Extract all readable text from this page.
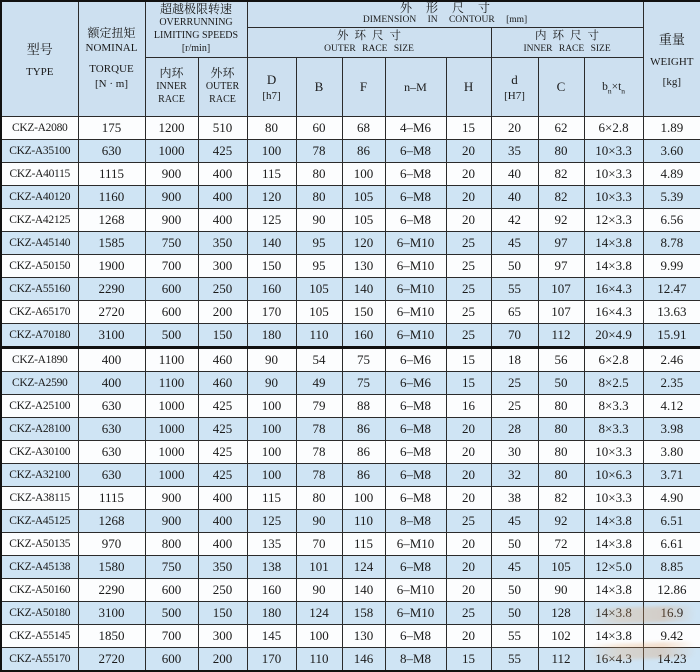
型号
TYPE	额定扭矩
NOMINAL
TORQUE
[N · m]	超越极限转速
OVERRUNNING
LIMITING SPEEDS
[r/min]		外形尺寸
DIMENSION IN CONTOUR [mm]								重量
WEIGHT
[kg]

				外环尺寸
OUTER RACE SIZE					内环尺寸
INNER RACE SIZE			

		内环
INNER
RACE	外环
OUTER
RACE	D
[h7]	B	F	n–M	H	d
[H7]	C	$b_n\times t_n$
CKZ-A2080	175	1200	510	80	60	68	4–M6	15	20	62	6×2.8	1.89
CKZ-A35100	630	1000	425	100	78	86	6–M8	20	35	80	10×3.3	3.60
CKZ-A40115	1115	900	400	115	80	100	6–M8	20	40	82	10×3.3	4.89
CKZ-A40120	1160	900	400	120	80	105	6–M8	20	40	82	10×3.3	5.39
CKZ-A42125	1268	900	400	125	90	105	6–M8	20	42	92	12×3.3	6.56
CKZ-A45140	1585	750	350	140	95	120	6–M10	25	45	97	14×3.8	8.78
CKZ-A50150	1900	700	300	150	95	130	6–M10	25	50	97	14×3.8	9.99
CKZ-A55160	2290	600	250	160	105	140	6–M10	25	55	107	16×4.3	12.47
CKZ-A65170	2720	600	200	170	105	150	6–M10	25	65	107	16×4.3	13.63
CKZ-A70180	3100	500	150	180	110	160	6–M10	25	70	112	20×4.9	15.91
CKZ-A1890	400	1100	460	90	54	75	6–M6	15	18	56	6×2.8	2.46
CKZ-A2590	400	1100	460	90	49	75	6–M6	15	25	50	8×2.5	2.35
CKZ-A25100	630	1000	425	100	79	88	6–M8	16	25	80	8×3.3	4.12
CKZ-A28100	630	1000	425	100	78	86	6–M8	20	28	80	8×3.3	3.98
CKZ-A30100	630	1000	425	100	78	86	6–M8	20	30	80	10×3.3	3.80
CKZ-A32100	630	1000	425	100	78	86	6–M8	20	32	80	10×6.3	3.71
CKZ-A38115	1115	900	400	115	80	100	6–M8	20	38	82	10×3.3	4.90
CKZ-A45125	1268	900	400	125	90	110	8–M8	25	45	92	14×3.8	6.51
CKZ-A50135	970	800	400	135	70	115	6–M10	20	50	72	14×3.8	6.61
CKZ-A45138	1580	750	350	138	101	124	6–M8	20	45	105	12×5.0	8.85
CKZ-A50160	2290	600	250	160	90	140	6–M10	20	50	90	14×3.8	12.86
CKZ-A50180	3100	500	150	180	124	158	6–M10	25	50	128	14×3.8	16.9
CKZ-A55145	1850	700	300	145	100	130	6–M8	20	55	102	14×3.8	9.42
CKZ-A55170	2720	600	200	170	110	146	8–M8	15	55	112	16×4.3	14.23
